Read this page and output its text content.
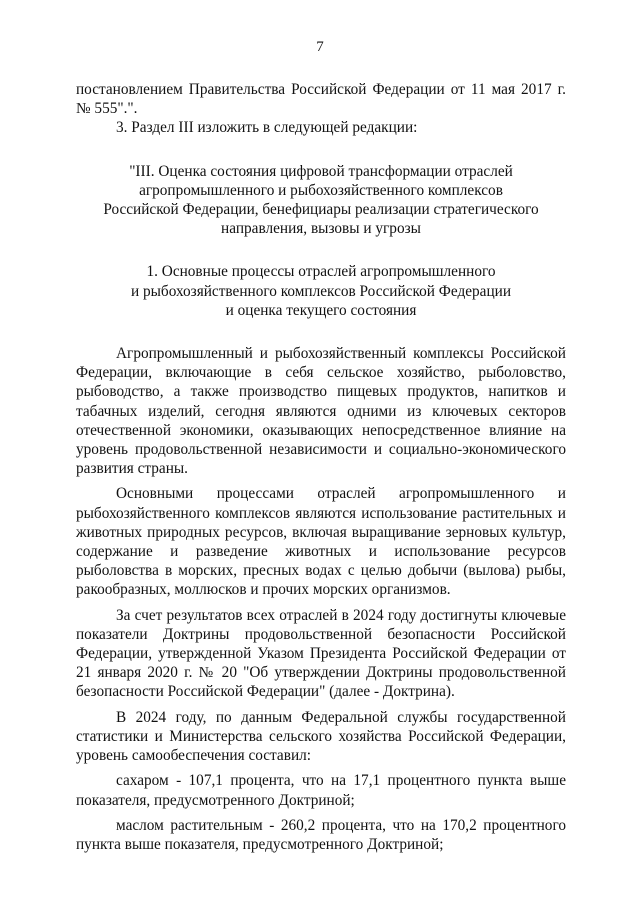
7

постановлением Правительства Российской Федерации от 11 мая 2017 г. № 555".".

3. Раздел III изложить в следующей редакции:

"III. Оценка состояния цифровой трансформации отраслей

агропромышленного и рыбохозяйственного комплексов

Российской Федерации, бенефициары реализации стратегического

направления, вызовы и угрозы

1. Основные процессы отраслей агропромышленного

и рыбохозяйственного комплексов Российской Федерации

и оценка текущего состояния

Агропромышленный и рыбохозяйственный комплексы Российской Федерации, включающие в себя сельское хозяйство, рыболовство, рыбоводство, а также производство пищевых продуктов, напитков и табачных изделий, сегодня являются одними из ключевых секторов отечественной экономики, оказывающих непосредственное влияние на уровень продовольственной независимости и социально-экономического развития страны.

Основными процессами отраслей агропромышленного и рыбохозяйственного комплексов являются использование растительных и животных природных ресурсов, включая выращивание зерновых культур, содержание и разведение животных и использование ресурсов рыболовства в морских, пресных водах с целью добычи (вылова) рыбы, ракообразных, моллюсков и прочих морских организмов.

За счет результатов всех отраслей в 2024 году достигнуты ключевые показатели Доктрины продовольственной безопасности Российской Федерации, утвержденной Указом Президента Российской Федерации от 21 января 2020 г. № 20 "Об утверждении Доктрины продовольственной безопасности Российской Федерации" (далее - Доктрина).

В 2024 году, по данным Федеральной службы государственной статистики и Министерства сельского хозяйства Российской Федерации, уровень самообеспечения составил:

сахаром - 107,1 процента, что на 17,1 процентного пункта выше показателя, предусмотренного Доктриной;

маслом растительным - 260,2 процента, что на 170,2 процентного пункта выше показателя, предусмотренного Доктриной;
